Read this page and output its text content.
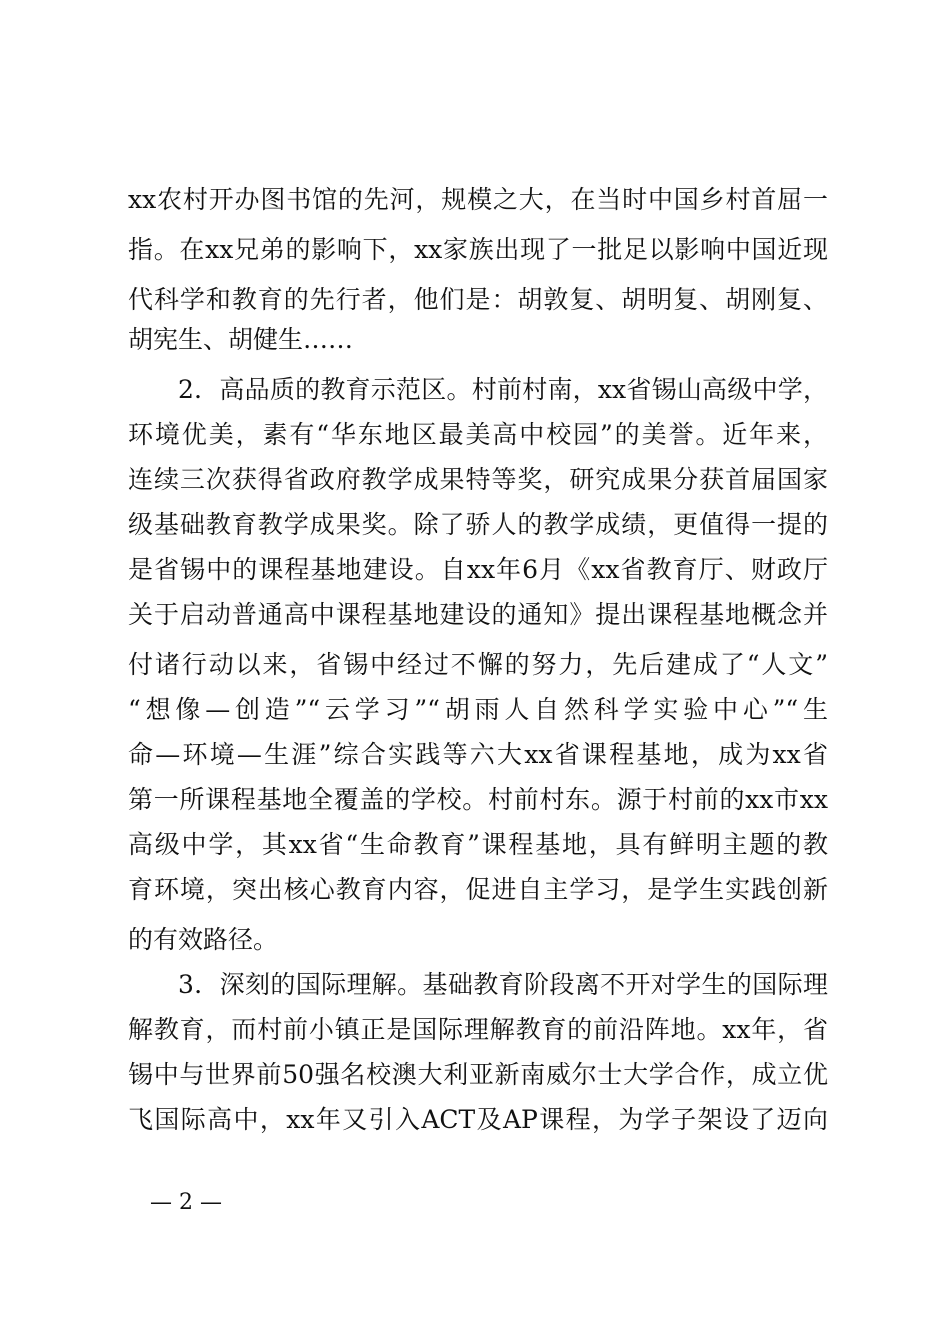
xx农村开办图书馆的先河，规模之大，在当时中国乡村首屈一
指。在xx兄弟的影响下，xx家族出现了一批足以影响中国近现
代科学和教育的先行者，他们是：胡敦复、胡明复、胡刚复、
胡宪生、胡健生……
2．高品质的教育示范区。村前村南，xx省锡山高级中学，
环境优美，素有“华东地区最美高中校园”的美誉。近年来，
连续三次获得省政府教学成果特等奖，研究成果分获首届国家
级基础教育教学成果奖。除了骄人的教学成绩，更值得一提的
是省锡中的课程基地建设。自xx年6月《xx省教育厅、财政厅
关于启动普通高中课程基地建设的通知》提出课程基地概念并
付诸行动以来，省锡中经过不懈的努力，先后建成了“人文”
“想像—创造”“云学习”“胡雨人自然科学实验中心”“生
命—环境—生涯”综合实践等六大xx省课程基地，成为xx省
第一所课程基地全覆盖的学校。村前村东。源于村前的xx市xx
高级中学，其xx省“生命教育”课程基地，具有鲜明主题的教
育环境，突出核心教育内容，促进自主学习，是学生实践创新
的有效路径。
3．深刻的国际理解。基础教育阶段离不开对学生的国际理
解教育，而村前小镇正是国际理解教育的前沿阵地。xx年，省
锡中与世界前50强名校澳大利亚新南威尔士大学合作，成立优
飞国际高中，xx年又引入ACT及AP课程，为学子架设了迈向
— 2 —
